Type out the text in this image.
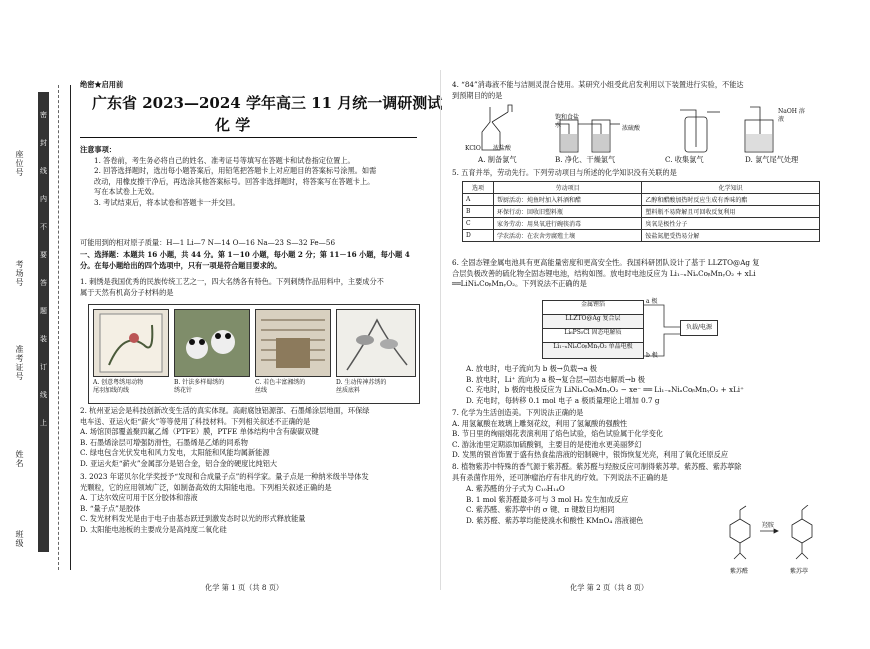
密
封
线
内
不
要
答
题
装
订
线
上
座位号
考场号
准考证号
姓名
班级
绝密★启用前
广东省 2023—2024 学年高三 11 月统一调研测试
化 学
注意事项：
1. 答卷前，考生务必将自己的姓名、准考证号等填写在答题卡和试卷指定位置上。
2. 回答选择题时，选出每小题答案后，用铅笔把答题卡上对应题目的答案标号涂黑。如需
改动，用橡皮擦干净后，再选涂其他答案标号。回答非选择题时，将答案写在答题卡上。
写在本试卷上无效。
3. 考试结束后，将本试卷和答题卡一并交回。
可能用到的相对原子质量：H—1 Li—7 N—14 O—16 Na—23 S—32 Fe—56
一、选择题：本题共 16 小题，共 44 分。第 1－10 小题，每小题 2 分；第 11－16 小题，每小题 4
分。在每小题给出的四个选项中，只有一项是符合题目要求的。
1. 刺绣是我国优秀的民族传统工艺之一，四大名绣各有特色。下列刺绣作品用料中，主要成分不
属于天然有机高分子材料的是
A. 创意粤绣用动物
尾羽加线的线
B. 针法多样蜀绣的
绣花针
C. 若色丰富湘绣的
丝线
D. 生动传神苏绣的
丝质底料
2. 杭州亚运会是科技创新改变生活的真实体现。高耐腐蚀铝源部、石墨烯涂层地面，环保绿
电车送、亚运火炬“薪火”等等使用了科技材料。下列相关叙述不正确的是
A. 场馆顶部覆盖聚四氟乙烯（PTFE）膜，PTFE 单体结构中含有碳碳双键
B. 石墨烯涂层可增强防滑性，石墨烯是乙烯的同系物
C. 绿电包含光伏发电和风力发电，太阳能和风能均属新能源
D. 亚运火炬“薪火”金属部分是铝合金，铝合金的硬度比纯铝大
3. 2023 年诺贝尔化学奖授予“发现和合成量子点”的科学家。量子点是一种纳米级半导体发
光颗粒，它的应用领域广泛，如制备高效的太阳能电池。下列相关叙述正确的是
A. 丁达尔效应可用于区分胶体和溶液
B. “量子点”是胶体
C. 发光材料发光是由于电子由基态跃迁到激发态时以光的形式释放能量
D. 太阳能电池板的主要成分是高纯度二氧化硅
化学 第 1 页（共 8 页）
4. “84”消毒液不能与洁厕灵混合使用。某研究小组受此启发利用以下装置进行实验，不能达
到预期目的的是
KClO 浓盐酸
饱和食盐水	浓硫酸
NaOH 溶液
A. 制备氯气	B. 净化、干燥氯气	C. 收集氯气	D. 氯气尾气处理
5. 五育并举，劳动先行。下列劳动项目与所述的化学知识没有关联的是
选项	劳动项目	化学知识
A	帮厨活动：炖鱼时加入料酒和醋	乙醇和醋酸加热时反应生成有香味的酯
B	环保行动：回收旧塑料瓶	塑料瓶不易降解且可回收反复利用
C	家务劳动：用臭氧进行碗筷消毒	臭氧是极性分子
D	学农活动：在农舍旁腐殖土壤	铵盐氮肥受热易分解
6. 全固态锂金属电池具有更高能量密度和更高安全性。我国科研团队设计了基于 LLZTO@Ag 复
合层负极改善的硫化物全固态锂电池，结构如图。放电时电池反应为 Li₁₋ₓNiₐCoᵦMnᵧO₂ + xLi
══LiNiₐCoᵦMnᵧO₂。下列说法不正确的是
金属锂箔
LLZTO@Ag 复合层
Li₆PS₅Cl 固态电解质
Li₁₋ₓNiₐCoᵦMnᵧO₂ 单晶电极
a 极
b 极
负载/电源
A. 放电时，电子流向为 b 极→负载→a 极
B. 放电时，Li⁺ 流向为 a 极→复合层→固态电解质→b 极
C. 充电时，b 极的电极反应为 LiNiₐCoᵦMnᵧO₂ − xe⁻ ══ Li₁₋ₓNiₐCoᵦMnᵧO₂ + xLi⁺
D. 充电时，每转移 0.1 mol 电子 a 极质量理论上增加 0.7 g
7. 化学为生活创造美。下列说法正确的是
A. 用氢氟酸在玻璃上雕刻花纹，利用了氢氟酸的强酸性
B. 节日里的绚丽烟花表演利用了焰色试验，焰色试验属于化学变化
C. 游泳池里定期添加硫酸铜，主要目的是使池水更美丽梦幻
D. 发黑的银首饰置于盛有热食盐溶液的铝制碗中，银饰恢复光亮，利用了氧化还原反应
8. 植物紫苏中特殊的香气源于紫苏醛。紫苏醛与羟胺反应可制得紫苏葶。紫苏醛、紫苏葶除
具有杀菌作用外，还可肿瘤治疗有非凡的疗效。下列说法不正确的是
A. 紫苏醛的分子式为 C₁₀H₁₄O
B. 1 mol 紫苏醛最多可与 3 mol H₂ 发生加成反应
C. 紫苏醛、紫苏葶中的 σ 键、π 键数目均相同
D. 紫苏醛、紫苏葶均能使溴水和酸性 KMnO₄ 溶液褪色
紫苏醛
羟胺
紫苏葶
化学 第 2 页（共 8 页）
